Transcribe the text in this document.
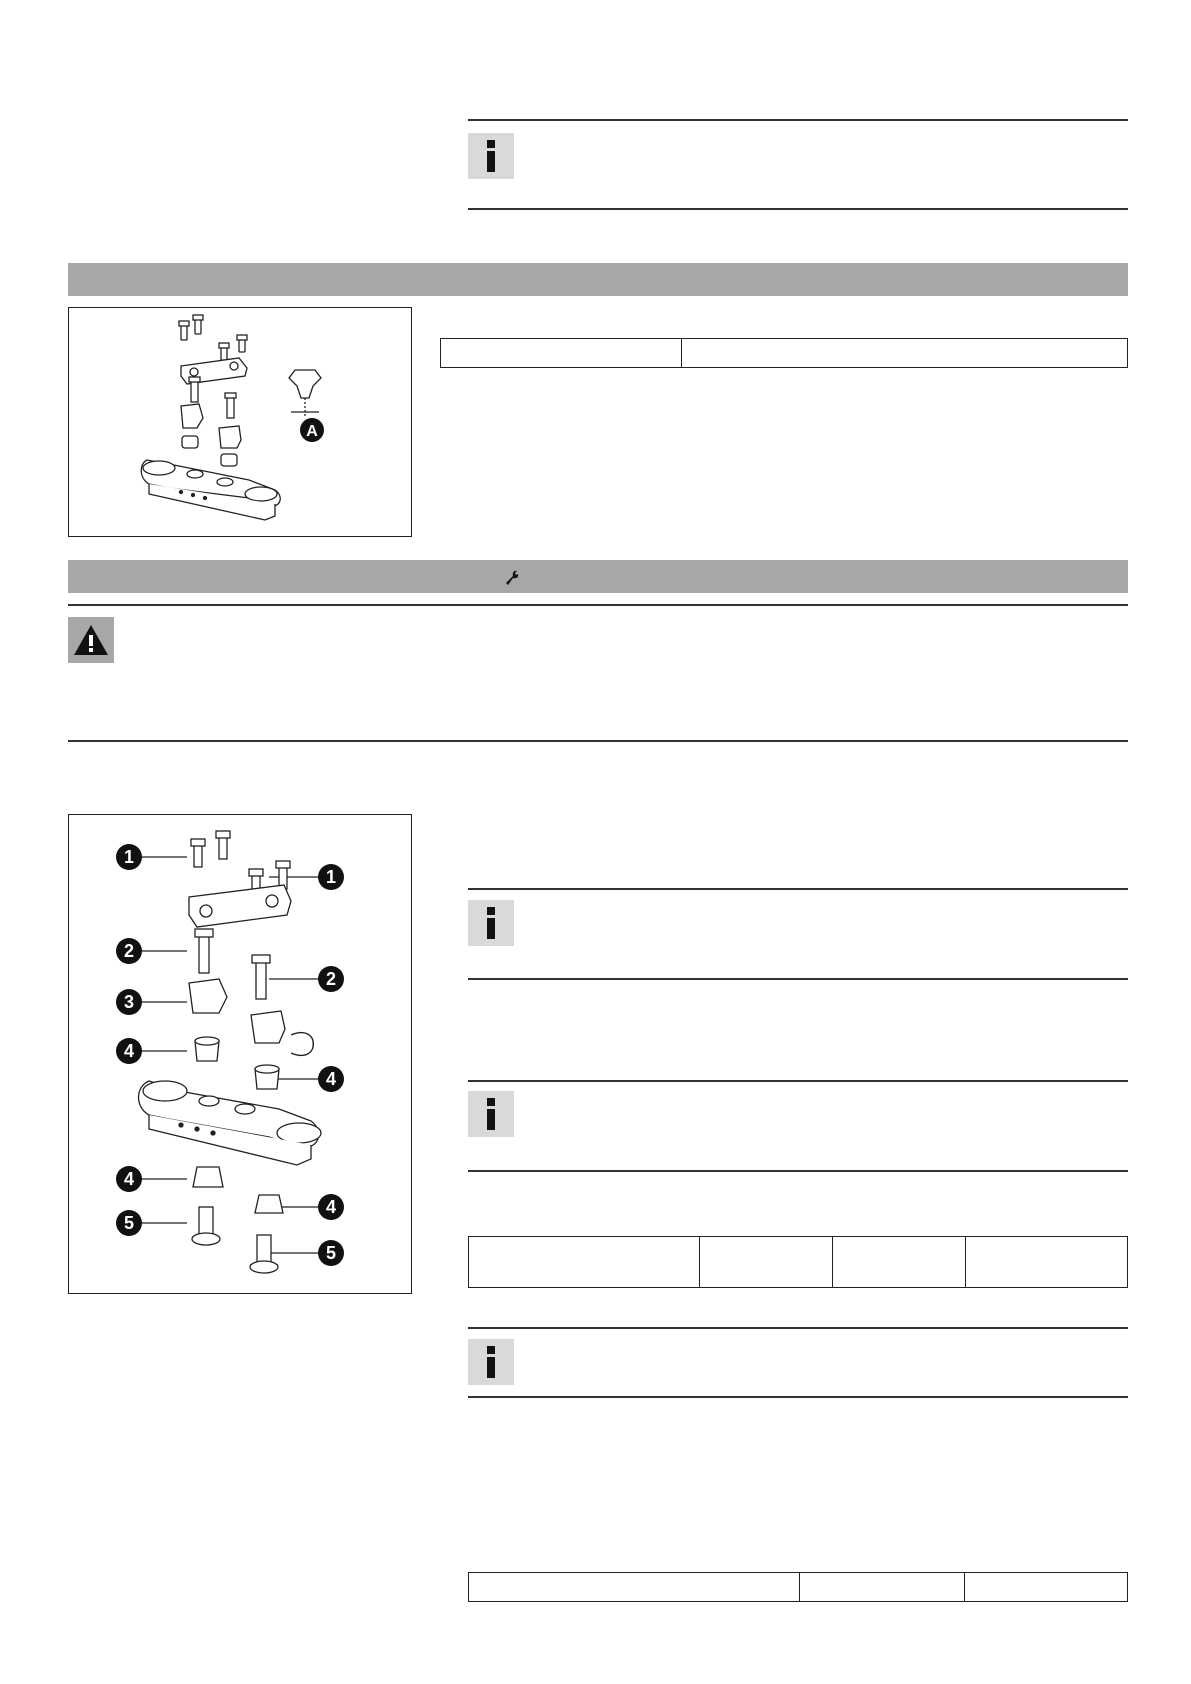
A

1
1
2
2
3
4
4
4
4
5
5
